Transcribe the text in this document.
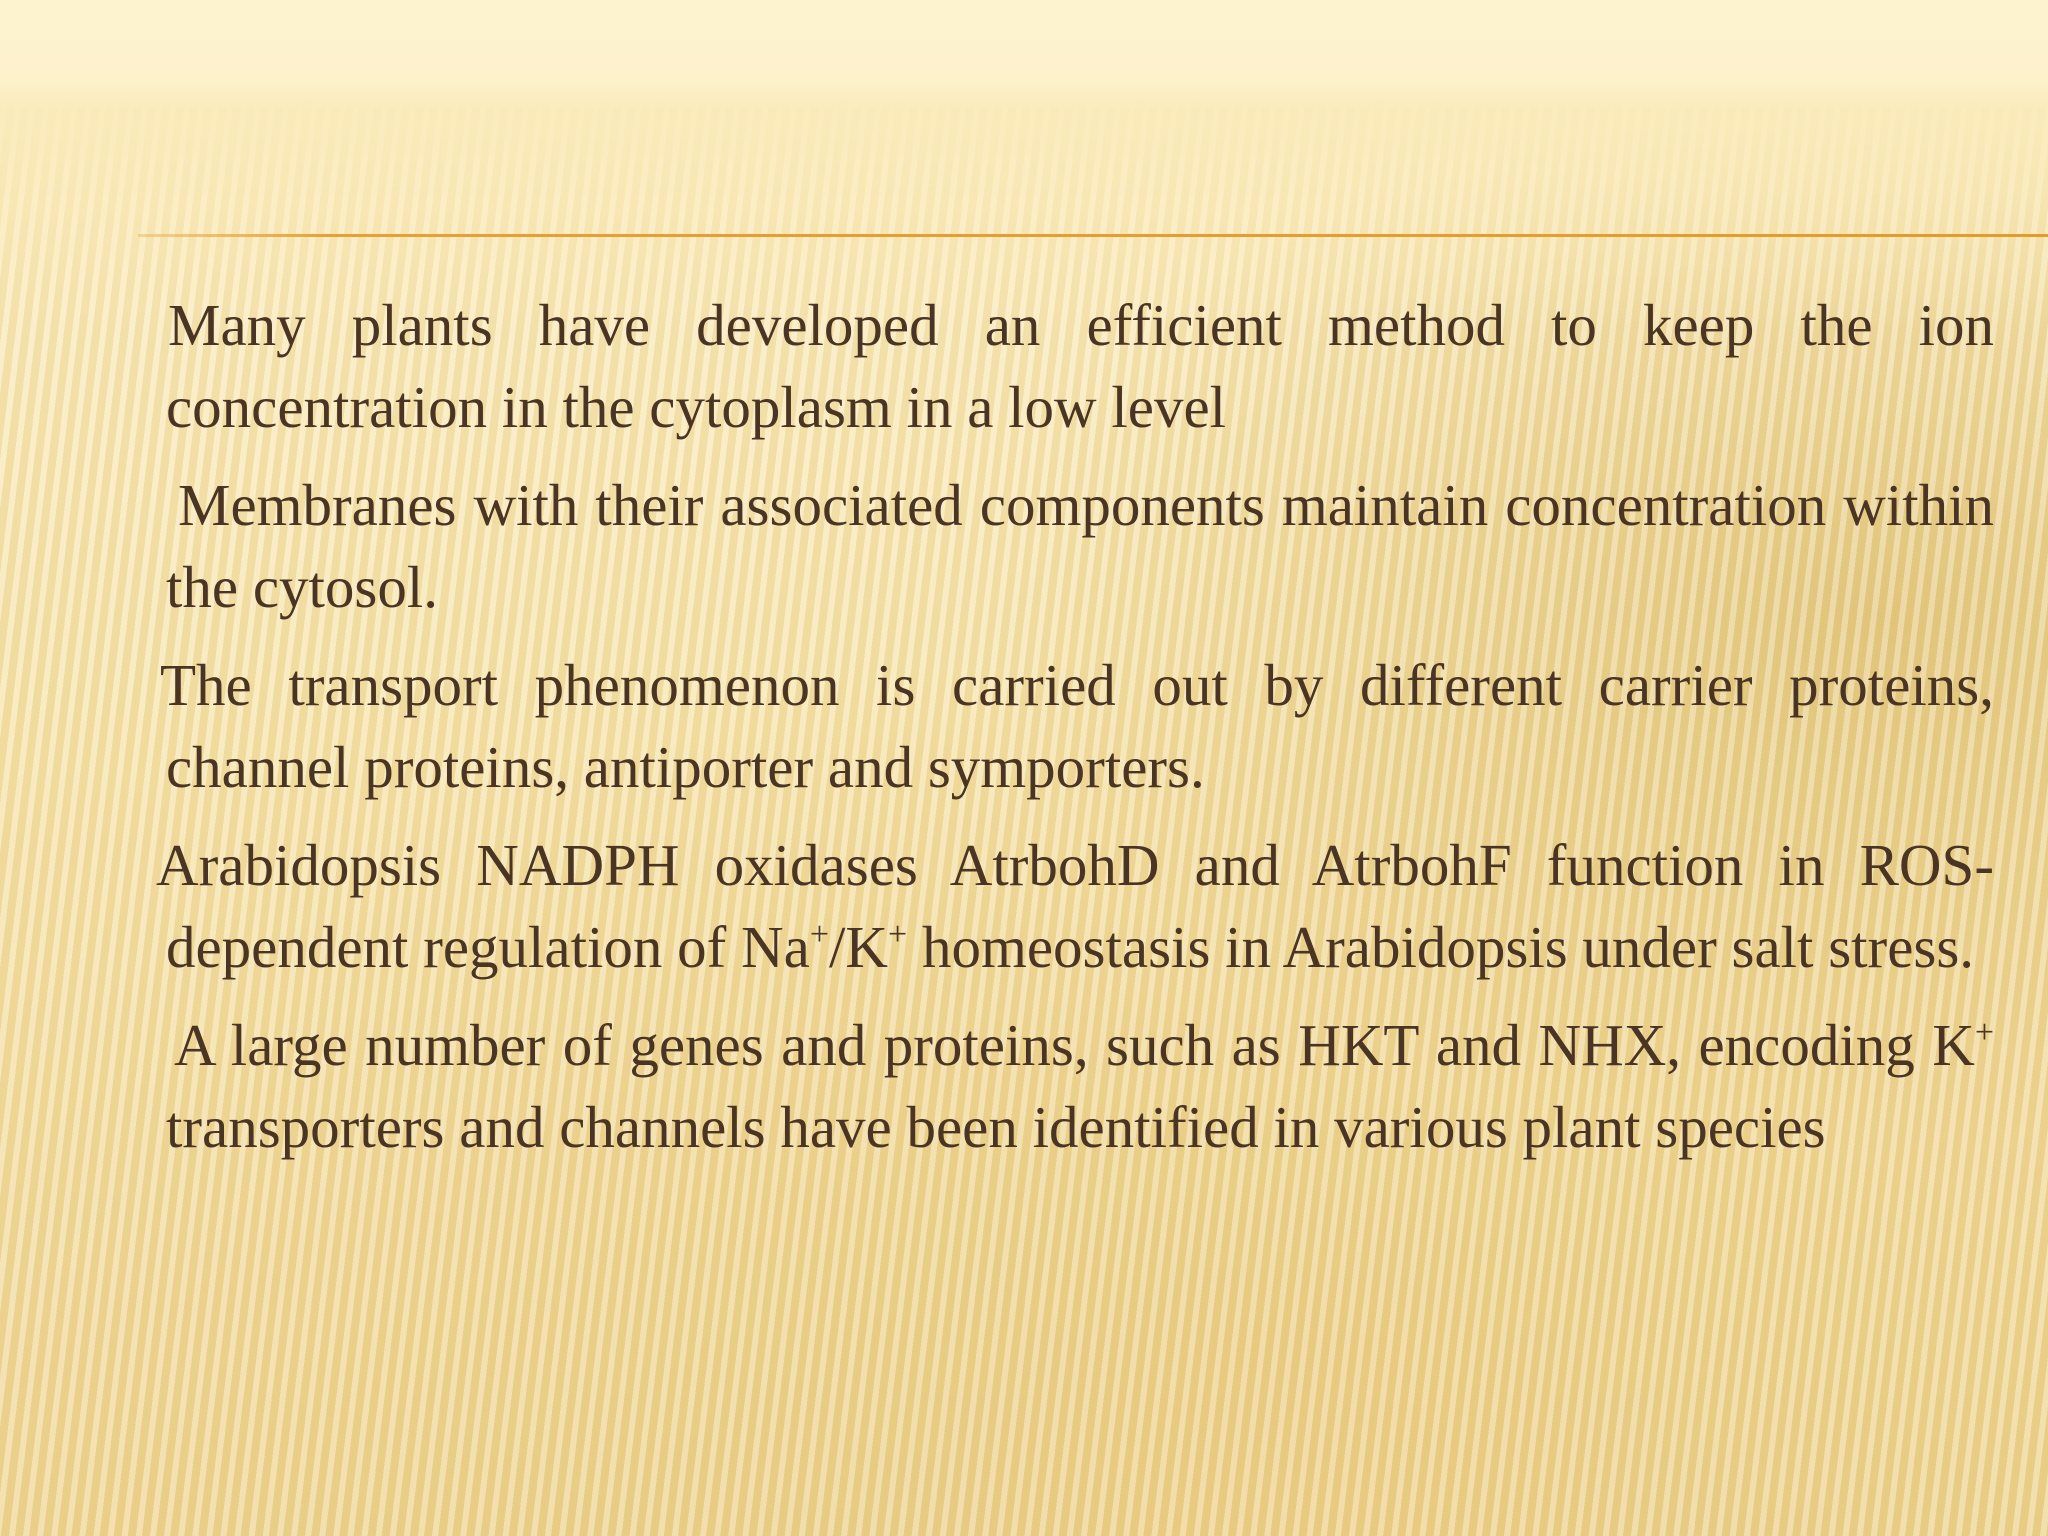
Many plants have developed an efficient method to keep the ion concentration in the cytoplasm in a low level

Membranes with their associated components maintain concentration within the cytosol.

The transport phenomenon is carried out by different carrier proteins, channel proteins, antiporter and symporters.

Arabidopsis NADPH oxidases AtrbohD and AtrbohF function in ROS-dependent regulation of Na+/K+ homeostasis in Arabidopsis under salt stress.

A large number of genes and proteins, such as HKT and NHX, encoding K+ transporters and channels have been identified in various plant species
